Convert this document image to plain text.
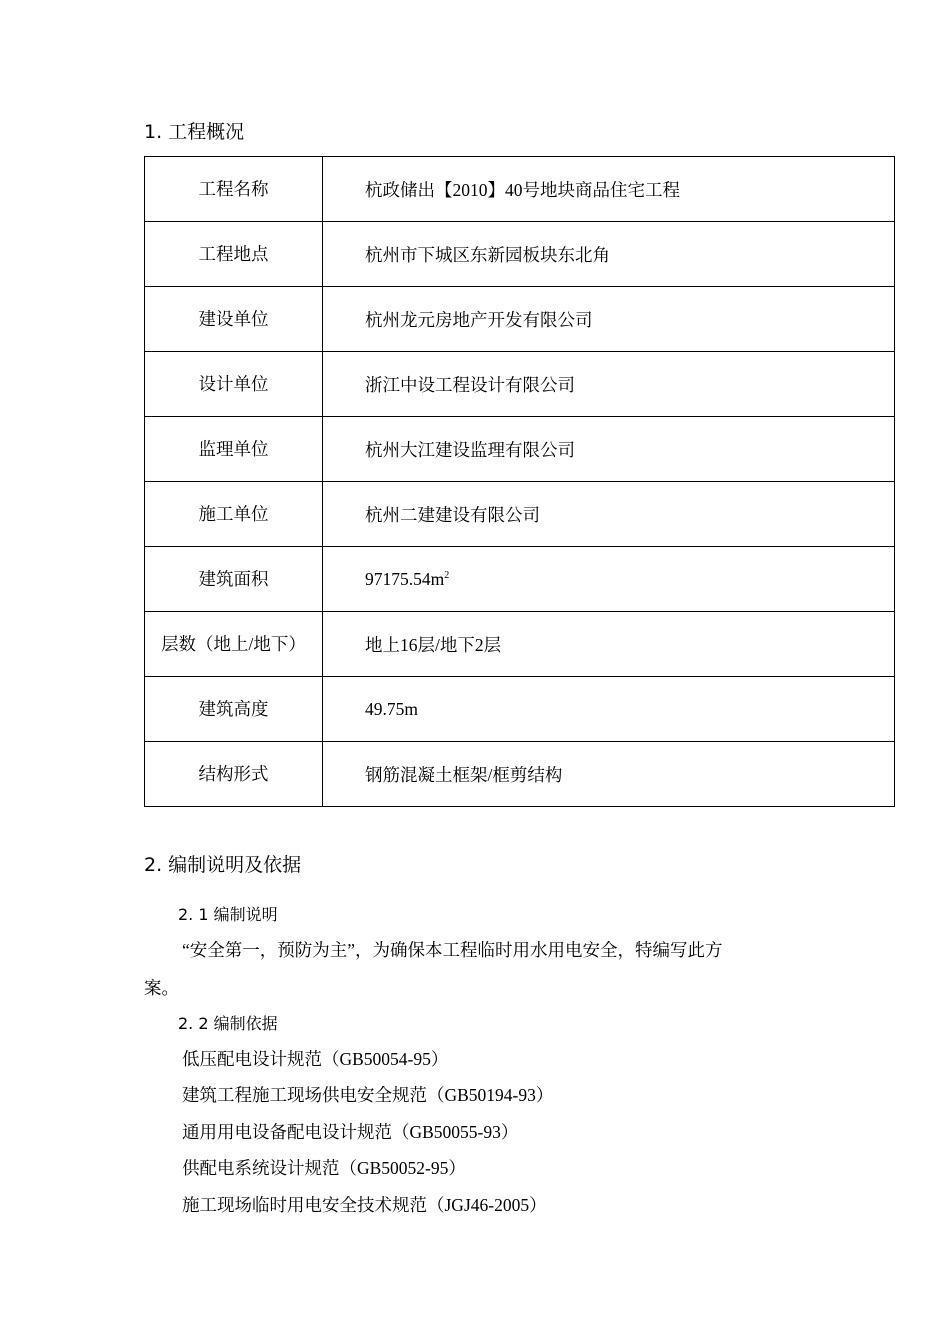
1. 工程概况
工程名称	杭政储出【2010】40号地块商品住宅工程
工程地点	杭州市下城区东新园板块东北角
建设单位	杭州龙元房地产开发有限公司
设计单位	浙江中设工程设计有限公司
监理单位	杭州大江建设监理有限公司
施工单位	杭州二建建设有限公司
建筑面积	$97175.54m^2$
层数（地上/地下）	地上16层/地下2层
建筑高度	49.75m
结构形式	钢筋混凝土框架/框剪结构
2. 编制说明及依据
2. 1 编制说明
“安全第一，预防为主”，为确保本工程临时用水用电安全，特编写此方
案。
2. 2 编制依据
低压配电设计规范（GB50054-95）
建筑工程施工现场供电安全规范（GB50194-93）
通用用电设备配电设计规范（GB50055-93）
供配电系统设计规范（GB50052-95）
施工现场临时用电安全技术规范（JGJ46-2005）
